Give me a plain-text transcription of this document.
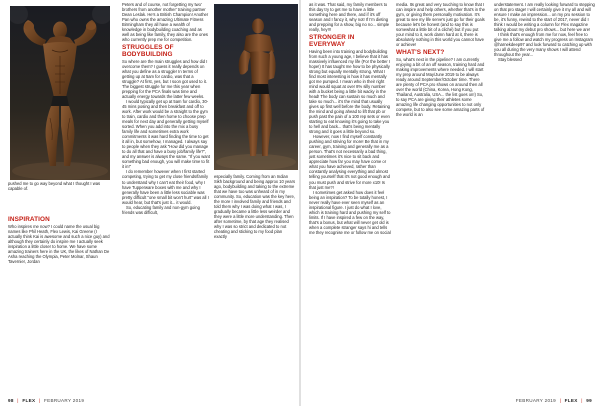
pushed me to go way beyond what I thought I was capable of.
INSPIRATION

Who inspires me now? I could name the usual big names like Phil Heath, Flex Lewis, Kai Greene (I actually think Kai is awesome and such a nice guy) and although they certainly do inspire me I actually seek inspiration a little closer to home. We have some amazing trainers here in the UK, the likes of Nathan De Asha reaching the Olympia, Peter Molnar, Shaun Tavernier, Jordan

Peters and of course, not forgetting my two' brothers from another mother' training partner Dean Leslak. He's a British Champion! Another Pan who owns the amazing Ultimate Fitness Birmingham they all have a wealth of knowledge in bodybuilding coaching and as well as being like family, they also are the ones who currently prep me for competition.

STRUGGLES OF BODYBUILDING

So where are the main struggles and how did I overcome them? I guess it really depends on what you define as a struggle! In terms of getting up at 5am for cardio, was that a struggle? At first, yes, but I soon got used to it. The biggest struggle for me this year when prepping for the PCA finals was time and actually energy towards the latter few weeks.

I would typically get up at 5am for cardio, 30-45 mins posing and then breakfast and off to work. After work would be a straight to the gym to train, cardio and then home to choose prep meals for next day and generally getting myself sorted. When you add into the mix a busy family life and sometimes extra work commitments it was hard finding the time to get it all in, but somehow, I managed. I always say to people when they ask "How did you manage to do all that and have a busy job/family life?", and my answer is always the same. "If you want something bad enough, you will make time to fit it in!"

I do remember however when I first started competing, trying to get my close friends/family to understand why I can't eat their food, why I have Tupperware boxes with me and why I generally have been a little less sociable was pretty difficult "one small bit won't hurt" was all I would hear, but that's just it... it would.

So, educating family and non-gym going friends was difficult,

especially family. Coming from an Indian Sikh background and being approx 10 years ago, bodybuilding and taking to the extreme that we have too was unheard of in my community. So, education was the key here, the more I involved family and friends and told them why I was doing what I was, I gradually became a little less weirder and they were a little more understanding. Then after sometime, by that age they realised why I was so strict and dedicated to not cheating and sticking to my food plan exactly

as it was. That said, my family members to this day try to get me to have a little something here and there, and if it's off season and I fancy it, why not! If I'm dieting and prepping for a show, big no no... simple really, hey!!!

STRONGER IN EVERYWAY

Having been into training and bodybuilding from such a young age, I believe that it has massively influenced my life (For the better I hope!) It has taught me how to be physically strong but equally mentally strong. What I find most interesting is how it has mentally got me pumped. I mean who in their right mind would squat at over 8% silly number with a bucket being a little bit wacky in the head! The body can sustain so much and take so much... it's the mind that usually gives up first well before the body. Retaining the mind and going ahead to lift that pb or push past the pain of a 100 rep sets or even starting to eat knowing it's going to take you to hell and back... that's being mentally strong and it goes a little beyond so.

However, now I find myself constantly pushing and striving for more! Be that in my career, gym, training and generally me as a person. That's not necessarily a bad thing, just sometimes it's nice to sit back and appreciate how far you may have come or what you have achieved, rather than constantly analysing everything and almost telling yourself that it's not good enough and you must push and strive for more x10! Is that just me?!

I sometimes get asked how does it feel being an inspiration? To be totally honest, I never really have ever seen myself as an inspirational figure. I just do what I love, which is training hard and pushing my self to limits. If I have inspired a few on the way, that's a bonus, but what will never get old is when a complete stranger says hi and tells me they recognise me or follow me on social

media. Its great and very touching to know that I can inspire and help others, whether that's in the gym, or giving them personally motivation. It's great to see my life serve's just go for their goals because let's be honest (and to say this is somewhat a little bit of a cliché) but if you put your mind to it, work damn hard at it, there is absolutely nothing in this world you cannot have or achieve!

WHAT'S NEXT?

So, what's next in the pipeline? I am currently enjoying a bit of an off season, training hard and making improvements where needed. I will start my prep around May/June 2019 to be always ready around September/October time. There are plenty of PCA pro shows on around then all over the world (China, Korea, Hong Kong, Thailand, Australia, USA... the list goes on!) So, to say PCA are giving their athletes some amazing life changing opportunities to not only compete, but to also see some amazing parts of the world is an

understatement. I am really looking forward to stepping on that pro stage! I will certainly give it my all and will ensure I make an impression... on my pro session to be, it's funny, rewind to the start of 2017, never did I think I would be writing a column for Flex magazine talking about my debut pro shows... but here we are!

I think that's enough from me for now, feel free to give me a follow and watch my progress on Instagram @harnekdeep97 and look forward to catching up with you all during the very many shows I will attend throughout the year...

Stay blessed

98 | FLEX | FEBRUARY 2019	FEBRUARY 2019 | FLEX | 99
